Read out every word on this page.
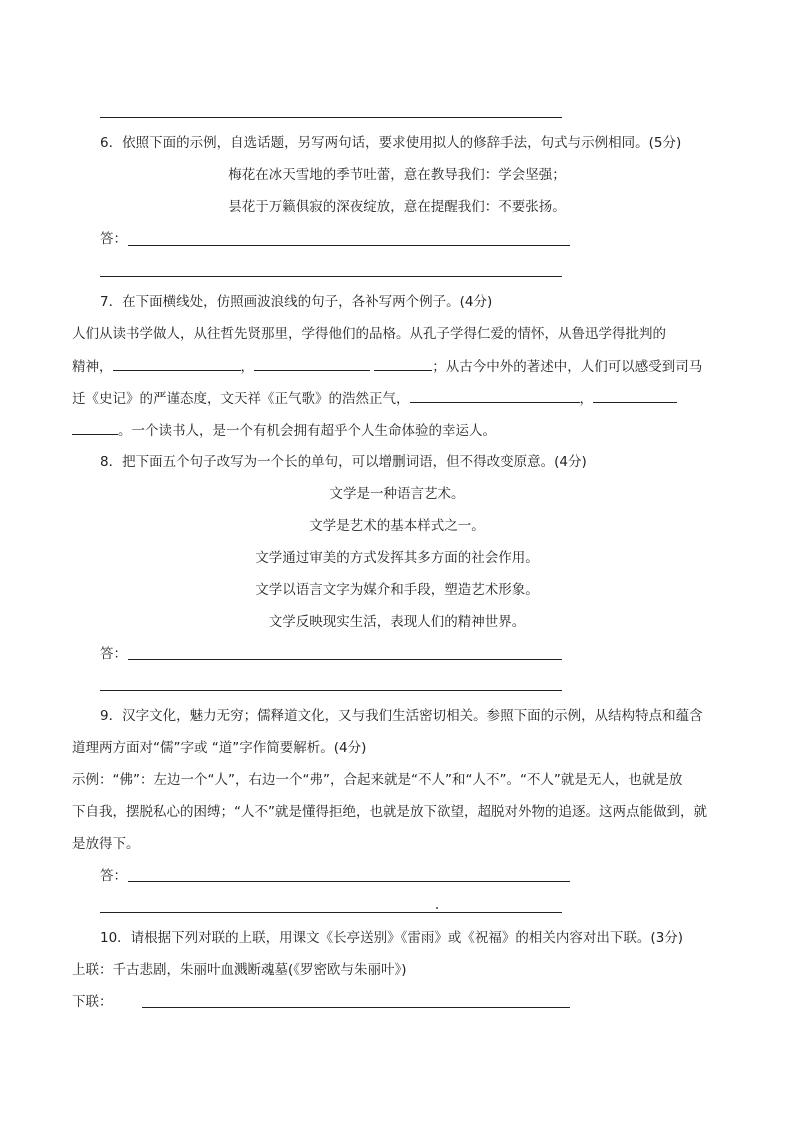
6．依照下面的示例，自选话题，另写两句话，要求使用拟人的修辞手法，句式与示例相同。(5分)
梅花在冰天雪地的季节吐蕾，意在教导我们：学会坚强；
昙花于万籁俱寂的深夜绽放，意在提醒我们：不要张扬。
答：
7．在下面横线处，仿照画波浪线的句子，各补写两个例子。(4分)
人们从读书学做人，从往哲先贤那里，学得他们的品格。从孔子学得仁爱的情怀，从鲁迅学得批判的
精神，	，	；从古今中外的著述中，人们可以感受到司马
迁《史记》的严谨态度，文天祥《正气歌》的浩然正气，	，
。一个读书人，是一个有机会拥有超乎个人生命体验的幸运人。
8．把下面五个句子改写为一个长的单句，可以增删词语，但不得改变原意。(4分)
文学是一种语言艺术。
文学是艺术的基本样式之一。
文学通过审美的方式发挥其多方面的社会作用。
文学以语言文字为媒介和手段，塑造艺术形象。
文学反映现实生活，表现人们的精神世界。
答：
9．汉字文化，魅力无穷；儒释道文化，又与我们生活密切相关。参照下面的示例，从结构特点和蕴含
道理两方面对“儒”字或 “道”字作简要解析。(4分)
示例：“佛”：左边一个“人”，右边一个“弗”，合起来就是“不人”和“人不”。“不人”就是无人，也就是放
下自我，摆脱私心的困缚；“人不”就是懂得拒绝，也就是放下欲望，超脱对外物的追逐。这两点能做到，就
是放得下。
答：
10．请根据下列对联的上联，用课文《长亭送别》《雷雨》或《祝福》的相关内容对出下联。(3分)
上联：千古悲剧，朱丽叶血溅断魂墓(《罗密欧与朱丽叶》)
下联：
